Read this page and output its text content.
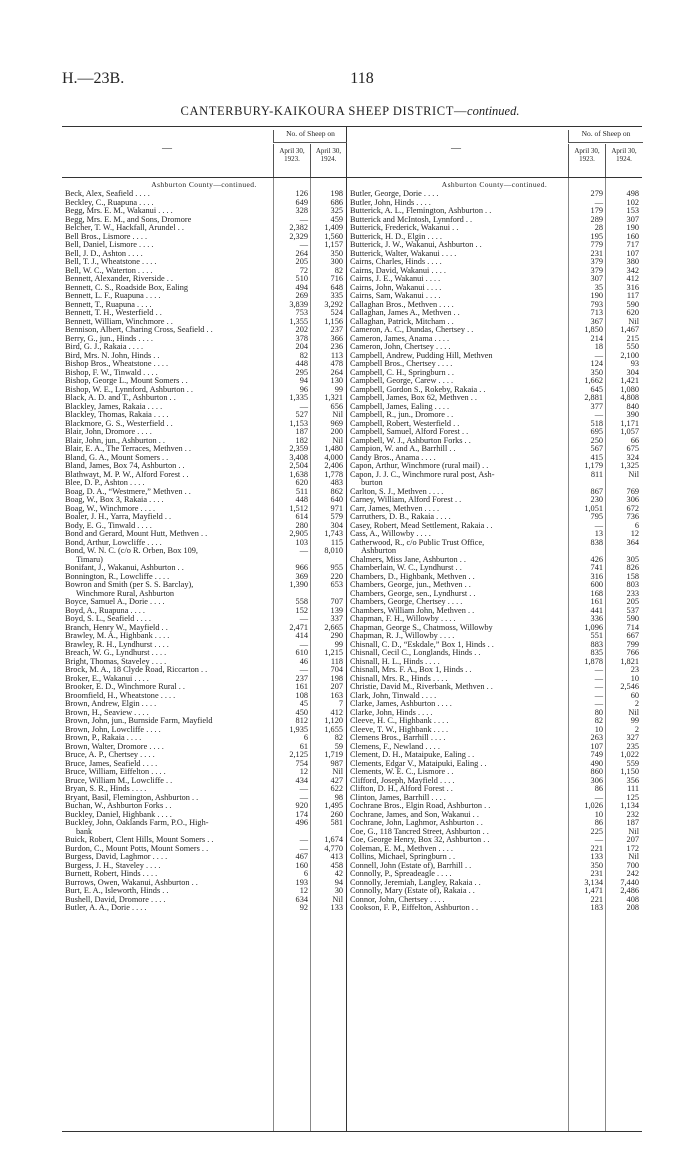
H.—23B.	118
CANTERBURY-KAIKOURA SHEEP DISTRICT—continued.
—
No. of Sheep on
April 30, 1923.
April 30, 1924.
Ashburton County—continued.
Beck, Alex, Seafield . . . .	126	198
Beckley, C., Ruapuna . . . .	649	686
Begg, Mrs. E. M., Wakanui . . . .	328	325
Begg, Mrs. E. M., and Sons, Dromore	—	459
Belcher, T. W., Hackfall, Arundel . .	2,382	1,409
Bell Bros., Lismore . . . .	2,329	1,560
Bell, Daniel, Lismore . . . .	—	1,157
Bell, J. D., Ashton . . . .	264	350
Bell, T. J., Wheatstone . . . .	205	300
Bell, W. C., Waterton . . . .	72	82
Bennett, Alexander, Riverside . .	510	716
Bennett, C. S., Roadside Box, Ealing	494	648
Bennett, L. F., Ruapuna . . . .	269	335
Bennett, T., Ruapuna . . . .	3,839	3,292
Bennett, T. H., Westerfield . .	753	524
Bennett, William, Winchmore . .	1,355	1,156
Bennison, Albert, Charing Cross, Seafield . .	202	237
Berry, G., jun., Hinds . . . .	378	366
Bird, G. J., Rakaia . . . .	204	236
Bird, Mrs. N. John, Hinds . .	82	113
Bishop Bros., Wheatstone . . . .	448	478
Bishop, F. W., Tinwald . . . .	295	264
Bishop, George L., Mount Somers . .	94	130
Bishop, W. E., Lynnford, Ashburton . .	96	99
Black, A. D. and T., Ashburton . .	1,335	1,321
Blackley, James, Rakaia . . . .	—	656
Blackley, Thomas, Rakaia . . . .	527	Nil
Blackmore, G. S., Westerfield . .	1,153	969
Blair, John, Dromore . . . .	187	200
Blair, John, jun., Ashburton . .	182	Nil
Blair, E. A., The Terraces, Methven . .	2,359	1,480
Bland, G. A., Mount Somers . .	3,408	4,000
Bland, James, Box 74, Ashburton . .	2,504	2,406
Blathwayt, M. P. W., Alford Forest . .	1,638	1,778
Blee, D. P., Ashton . . . .	620	483
Boag, D. A., “Westmere,” Methven . .	511	862
Boag, W., Box 3, Rakaia . . . .	448	640
Boag, W., Winchmore . . . .	1,512	971
Boaler, J. H., Yarra, Mayfield . .	614	579
Body, E. G., Tinwald . . . .	280	304
Bond and Gerard, Mount Hutt, Methven . .	2,905	1,743
Bond, Arthur, Lowcliffe . . . .	103	115
Bond, W. N. C. (c/o R. Orben, Box 109,	—	8,010
Timaru)
Bonifant, J., Wakanui, Ashburton . .	966	955
Bonnington, R., Lowcliffe . . . .	369	220
Bowron and Smith (per S. S. Barclay),	1,390	653
Winchmore Rural, Ashburton
Boyce, Samuel A., Dorie . . . .	558	707
Boyd, A., Ruapuna . . . .	152	139
Boyd, S. L., Seafield . . . .	—	337
Branch, Henry W., Mayfield . .	2,471	2,665
Brawley, M. A., Highbank . . . .	414	290
Brawley, R. H., Lyndhurst . . . .	—	99
Breach, W. G., Lyndhurst . . . .	610	1,215
Bright, Thomas, Staveley . . . .	46	118
Brock, M. A., 18 Clyde Road, Riccarton . .	—	704
Broker, E., Wakanui . . . .	237	198
Brooker, E. D., Winchmore Rural . .	161	207
Broomfield, H., Wheatstone . . . .	108	163
Brown, Andrew, Elgin . . . .	45	7
Brown, H., Seaview . . . .	450	412
Brown, John, jun., Burnside Farm, Mayfield	812	1,120
Brown, John, Lowcliffe . . . .	1,935	1,655
Brown, P., Rakaia . . . .	6	82
Brown, Walter, Dromore . . . .	61	59
Bruce, A. P., Chertsey . . . .	2,125	1,719
Bruce, James, Seafield . . . .	754	987
Bruce, William, Eiffelton . . . .	12	Nil
Bruce, William M., Lowcliffe . .	434	427
Bryan, S. R., Hinds . . . .	—	622
Bryant, Basil, Flemington, Ashburton . .	—	98
Buchan, W., Ashburton Forks . .	920	1,495
Buckley, Daniel, Highbank . . . .	174	260
Buckley, John, Oaklands Farm, P.O., High-	496	581
bank
Buick, Robert, Clent Hills, Mount Somers . .	—	1,674
Burdon, C., Mount Potts, Mount Somers . .	—	4,770
Burgess, David, Laghmor . . . .	467	413
Burgess, J. H., Staveley . . . .	160	458
Burnett, Robert, Hinds . . . .	6	42
Burrows, Owen, Wakanui, Ashburton . .	193	94
Burt, E. A., Isleworth, Hinds . .	12	30
Bushell, David, Dromore . . . .	634	Nil
Butler, A. A., Dorie . . . .	92	133
—
No. of Sheep on
April 30, 1923.
April 30, 1924.
Ashburton County—continued.
Butler, George, Dorie . . . .	279	498
Butler, John, Hinds . . . .	—	102
Butterick, A. L., Flemington, Ashburton . .	179	153
Butterick and McIntosh, Lynnford . .	289	307
Butterick, Frederick, Wakanui . .	28	190
Butterick, H. D., Elgin . . . .	195	160
Butterick, J. W., Wakanui, Ashburton . .	779	717
Butterick, Walter, Wakanui . . . .	231	107
Cairns, Charles, Hinds . . . .	379	380
Cairns, David, Wakanui . . . .	379	342
Cairns, J. E., Wakanui . . . .	307	412
Cairns, John, Wakanui . . . .	35	316
Cairns, Sam, Wakanui . . . .	190	117
Callaghan Bros., Methven . . . .	793	590
Callaghan, James A., Methven . .	713	620
Callaghan, Patrick, Mitcham . .	367	Nil
Cameron, A. C., Dundas, Chertsey . .	1,850	1,467
Cameron, James, Anama . . . .	214	215
Cameron, John, Chertsey . . . .	18	550
Campbell, Andrew, Pudding Hill, Methven	—	2,100
Campbell Bros., Chertsey . . . .	124	93
Campbell, C. H., Springburn . .	350	304
Campbell, George, Carew . . . .	1,662	1,421
Campbell, Gordon S., Rokeby, Rakaia . .	645	1,080
Campbell, James, Box 62, Methven . .	2,881	4,808
Campbell, James, Ealing . . . .	377	840
Campbell, R., jun., Dromore . .	—	390
Campbell, Robert, Westerfield . .	518	1,171
Campbell, Samuel, Alford Forest . .	695	1,057
Campbell, W. J., Ashburton Forks . .	250	66
Campion, W. and A., Barrhill . .	567	675
Candy Bros., Anama . . . .	415	324
Capon, Arthur, Winchmore (rural mail) . .	1,179	1,325
Capon, J. J. C., Winchmore rural post, Ash-	811	Nil
burton
Carlton, S. J., Methven . . . .	867	769
Carney, William, Alford Forest . .	230	306
Carr, James, Methven . . . .	1,051	672
Carruthers, D. B., Rakaia . . . .	795	736
Casey, Robert, Mead Settlement, Rakaia . .	—	6
Cass, A., Willowby . . . .	13	12
Catherwood, R., c/o Public Trust Office,	838	364
Ashburton
Chalmers, Miss Jane, Ashburton . .	426	305
Chamberlain, W. C., Lyndhurst . .	741	826
Chambers, D., Highbank, Methven . .	316	158
Chambers, George, jun., Methven . .	600	803
Chambers, George, sen., Lyndhurst . .	168	233
Chambers, George, Chertsey . . . .	161	205
Chambers, William John, Methven . .	441	537
Chapman, F. H., Willowby . . . .	336	590
Chapman, George S., Chatmoss, Willowby	1,096	714
Chapman, R. J., Willowby . . . .	551	667
Chisnall, C. D., “Eskdale,” Box 1, Hinds . .	883	799
Chisnall, Cecil C., Longlands, Hinds . .	835	766
Chisnall, H. L., Hinds . . . .	1,878	1,821
Chisnall, Mrs. F. A., Box 1, Hinds . .	—	23
Chisnall, Mrs. R., Hinds . . . .	—	10
Christie, David M., Riverbank, Methven . .	—	2,546
Clark, John, Tinwald . . . .	—	60
Clarke, James, Ashburton . . . .	—	2
Clarke, John, Hinds . . . .	80	Nil
Cleeve, H. C., Highbank . . . .	82	99
Cleeve, T. W., Highbank . . . .	10	2
Clemens Bros., Barrhill . . . .	263	327
Clemens, F., Newland . . . .	107	235
Clement, D. H., Mataipuke, Ealing . .	749	1,022
Clements, Edgar V., Mataipuki, Ealing . .	490	559
Clements, W. E. C., Lismore . .	860	1,150
Clifford, Joseph, Mayfield . . . .	306	356
Clifton, D. H., Alford Forest . .	86	111
Clinton, James, Barrhill . . . .	—	125
Cochrane Bros., Elgin Road, Ashburton . .	1,026	1,134
Cochrane, James, and Son, Wakanui . .	10	232
Cochrane, John, Laghmor, Ashburton . .	86	187
Coe, G., 118 Tancred Street, Ashburton . .	225	Nil
Coe, George Henry, Box 32, Ashburton . .	—	207
Coleman, E. M., Methven . . . .	221	172
Collins, Michael, Springburn . .	133	Nil
Connell, John (Estate of), Barrhill . .	350	700
Connolly, P., Spreadeagle . . . .	231	242
Connolly, Jeremiah, Langley, Rakaia . .	3,134	7,440
Connolly, Mary (Estate of), Rakaia . .	1,471	2,486
Connor, John, Chertsey . . . .	221	408
Cookson, F. P., Eiffelton, Ashburton . .	183	208
